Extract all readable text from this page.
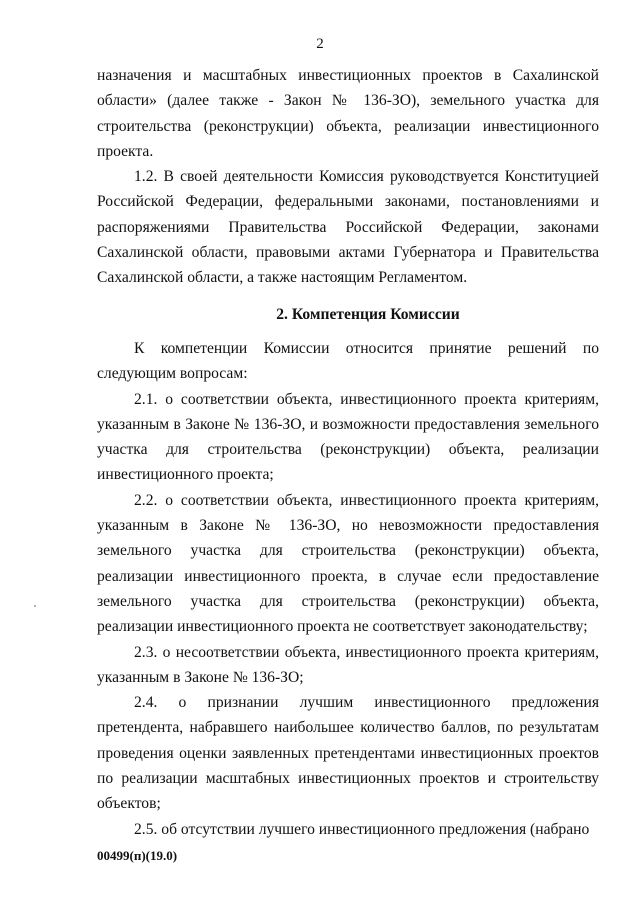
2

назначения и масштабных инвестиционных проектов в Сахалинской области» (далее также - Закон № 136-ЗО), земельного участка для строительства (реконструкции) объекта, реализации инвестиционного проекта.

1.2. В своей деятельности Комиссия руководствуется Конституцией Российской Федерации, федеральными законами, постановлениями и распоряжениями Правительства Российской Федерации, законами Сахалинской области, правовыми актами Губернатора и Правительства Сахалинской области, а также настоящим Регламентом.

2. Компетенция Комиссии

К компетенции Комиссии относится принятие решений по следующим вопросам:

2.1. о соответствии объекта, инвестиционного проекта критериям, указанным в Законе № 136-ЗО, и возможности предоставления земельного участка для строительства (реконструкции) объекта, реализации инвестиционного проекта;

2.2. о соответствии объекта, инвестиционного проекта критериям, указанным в Законе № 136-ЗО, но невозможности предоставления земельного участка для строительства (реконструкции) объекта, реализации инвестиционного проекта, в случае если предоставление земельного участка для строительства (реконструкции) объекта, реализации инвестиционного проекта не соответствует законодательству;

2.3. о несоответствии объекта, инвестиционного проекта критериям, указанным в Законе № 136-ЗО;

2.4. о признании лучшим инвестиционного предложения претендента, набравшего наибольшее количество баллов, по результатам проведения оценки заявленных претендентами инвестиционных проектов по реализации масштабных инвестиционных проектов и строительству объектов;

2.5. об отсутствии лучшего инвестиционного предложения (набрано

00499(п)(19.0)
